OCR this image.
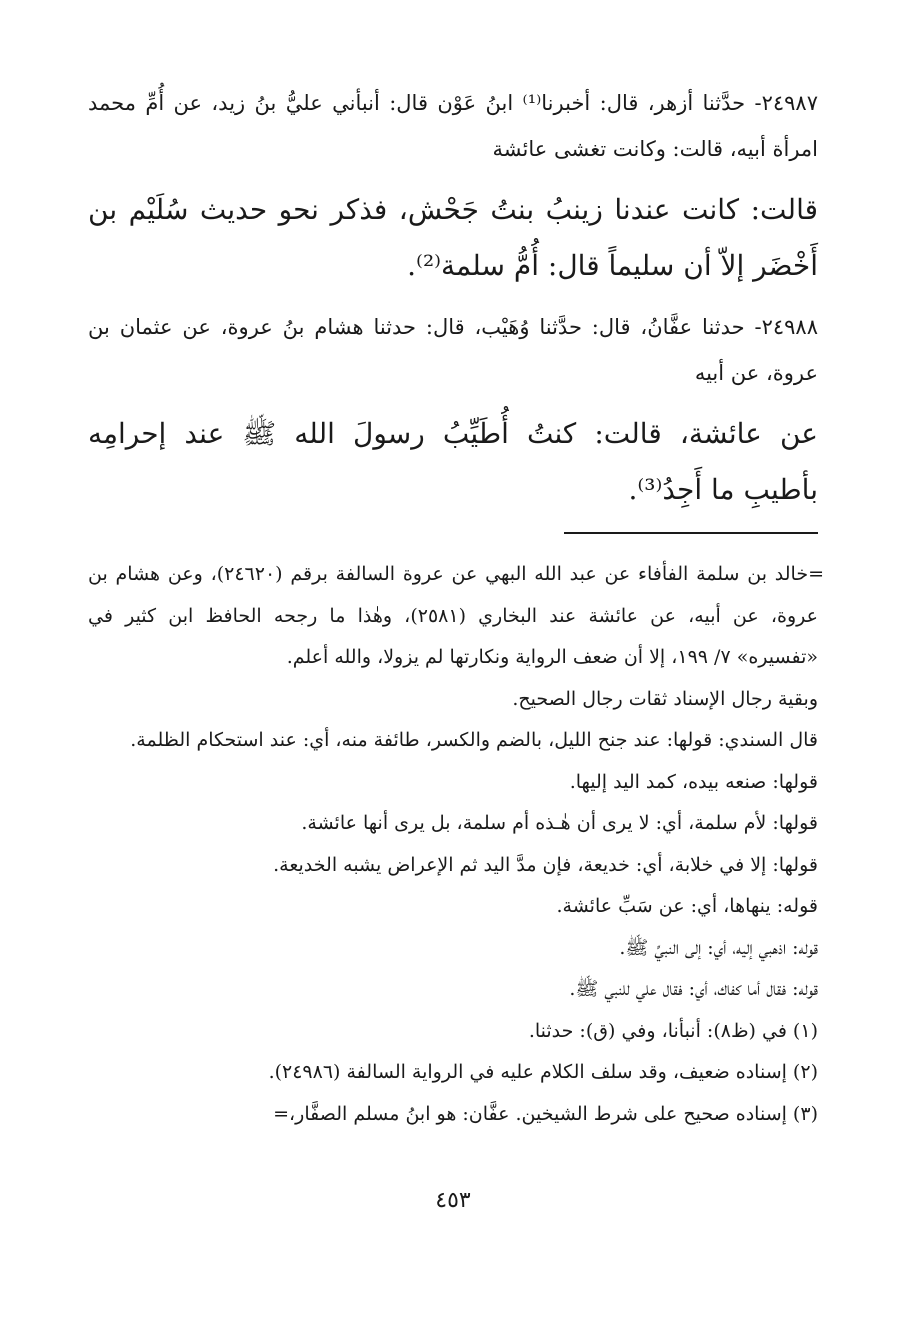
٢٤٩٨٧- حدَّثنا أزهر، قال: أخبرنا⁽¹⁾ ابنُ عَوْن قال: أنبأني عليُّ بنُ زيد، عن أُمِّ محمد امرأة أبيه، قالت: وكانت تغشى عائشة

قالت: كانت عندنا زينبُ بنتُ جَحْش، فذكر نحو حديث سُلَيْم بن أَخْضَر إلاّ أن سليماً قال: أُمُّ سلمة⁽²⁾.

٢٤٩٨٨- حدثنا عفَّانُ، قال: حدَّثنا وُهَيْب، قال: حدثنا هشام بنُ عروة، عن عثمان بن عروة، عن أبيه

عن عائشة، قالت: كنتُ أُطَيِّبُ رسولَ الله ﷺ عند إحرامِه بأطيبِ ما أَجِدُ⁽³⁾.

=خالد بن سلمة الفأفاء عن عبد الله البهي عن عروة السالفة برقم (٢٤٦٢٠)، وعن هشام بن عروة، عن أبيه، عن عائشة عند البخاري (٢٥٨١)، وهٰذا ما رجحه الحافظ ابن كثير في «تفسيره» ٧/ ١٩٩، إلا أن ضعف الرواية ونكارتها لم يزولا، والله أعلم.

وبقية رجال الإسناد ثقات رجال الصحيح.

قال السندي: قولها: عند جنح الليل، بالضم والكسر، طائفة منه، أي: عند استحكام الظلمة.

قولها: صنعه بيده، كمد اليد إليها.

قولها: لأم سلمة، أي: لا يرى أن هٰـذه أم سلمة، بل يرى أنها عائشة.

قولها: إلا في خلابة، أي: خديعة، فإن مدَّ اليد ثم الإعراض يشبه الخديعة.

قوله: ينهاها، أي: عن سَبِّ عائشة.

قوله: اذهبي إليه، أي: إلى النبيِّ ﷺ.

قوله: فقال أما كفاك، أي: فقال علي للنبي ﷺ.

(١) في (ظ٨): أنبأنا، وفي (ق): حدثنا.

(٢) إسناده ضعيف، وقد سلف الكلام عليه في الرواية السالفة (٢٤٩٨٦).

(٣) إسناده صحيح على شرط الشيخين. عفَّان: هو ابنُ مسلم الصفَّار،=

٤٥٣
